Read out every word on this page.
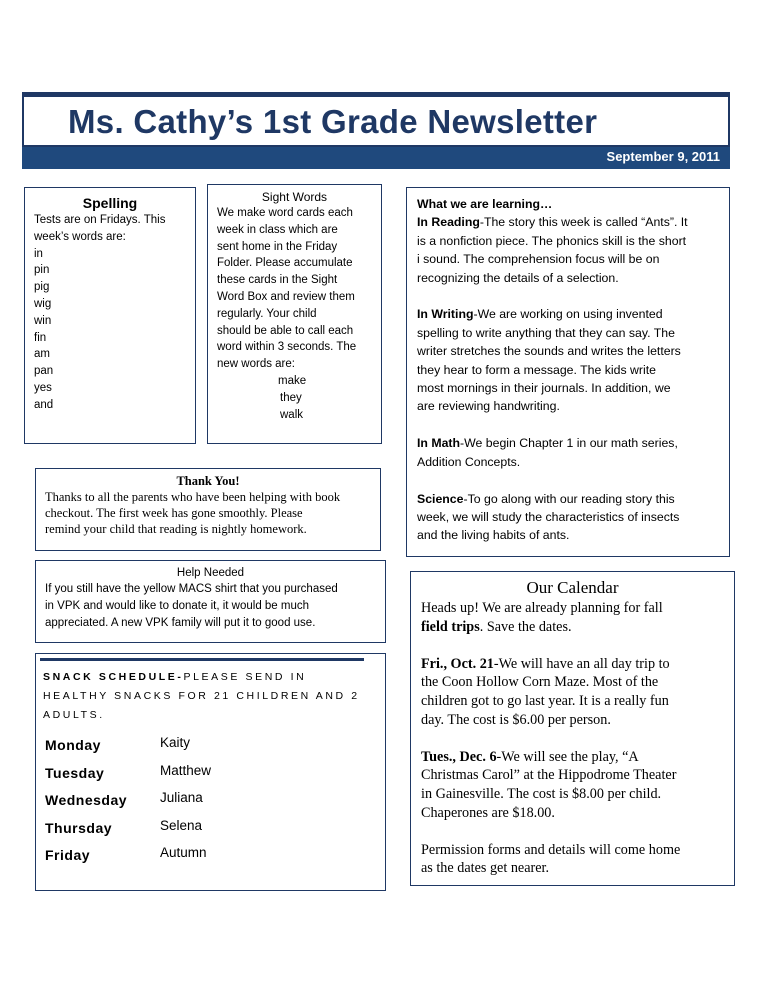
Ms. Cathy’s 1st Grade Newsletter
September 9, 2011
Spelling
Tests are on Fridays. This
week’s words are:
in
pin
pig
wig
win
fin
am
pan
yes
and
Sight Words
We make word cards each
week in class which are
sent home in the Friday
Folder. Please accumulate
these cards in the Sight
Word Box and review them
regularly. Your child
should be able to call each
word within 3 seconds. The
new words are:
make
they
walk
What we are learning…
In Reading-The story this week is called “Ants”. It
is a nonfiction piece. The phonics skill is the short
i sound. The comprehension focus will be on
recognizing the details of a selection.

In Writing-We are working on using invented
spelling to write anything that they can say. The
writer stretches the sounds and writes the letters
they hear to form a message. The kids write
most mornings in their journals. In addition, we
are reviewing handwriting.

In Math-We begin Chapter 1 in our math series,
Addition Concepts.

Science-To go along with our reading story this
week, we will study the characteristics of insects
and the living habits of ants.
Thank You!
Thanks to all the parents who have been helping with book
checkout. The first week has gone smoothly. Please
remind your child that reading is nightly homework.
Help Needed
If you still have the yellow MACS shirt that you purchased
in VPK and would like to donate it, it would be much
appreciated. A new VPK family will put it to good use.
SNACK SCHEDULE-PLEASE SEND IN
HEALTHY SNACKS FOR 21 CHILDREN AND 2
ADULTS.
Monday	Kaity
Tuesday	Matthew
Wednesday Juliana
Thursday	Selena
Friday	Autumn
Our Calendar
Heads up! We are already planning for fall
field trips. Save the dates.

Fri., Oct. 21-We will have an all day trip to
the Coon Hollow Corn Maze. Most of the
children got to go last year. It is a really fun
day. The cost is $6.00 per person.

Tues., Dec. 6-We will see the play, “A
Christmas Carol” at the Hippodrome Theater
in Gainesville. The cost is $8.00 per child.
Chaperones are $18.00.

Permission forms and details will come home
as the dates get nearer.
